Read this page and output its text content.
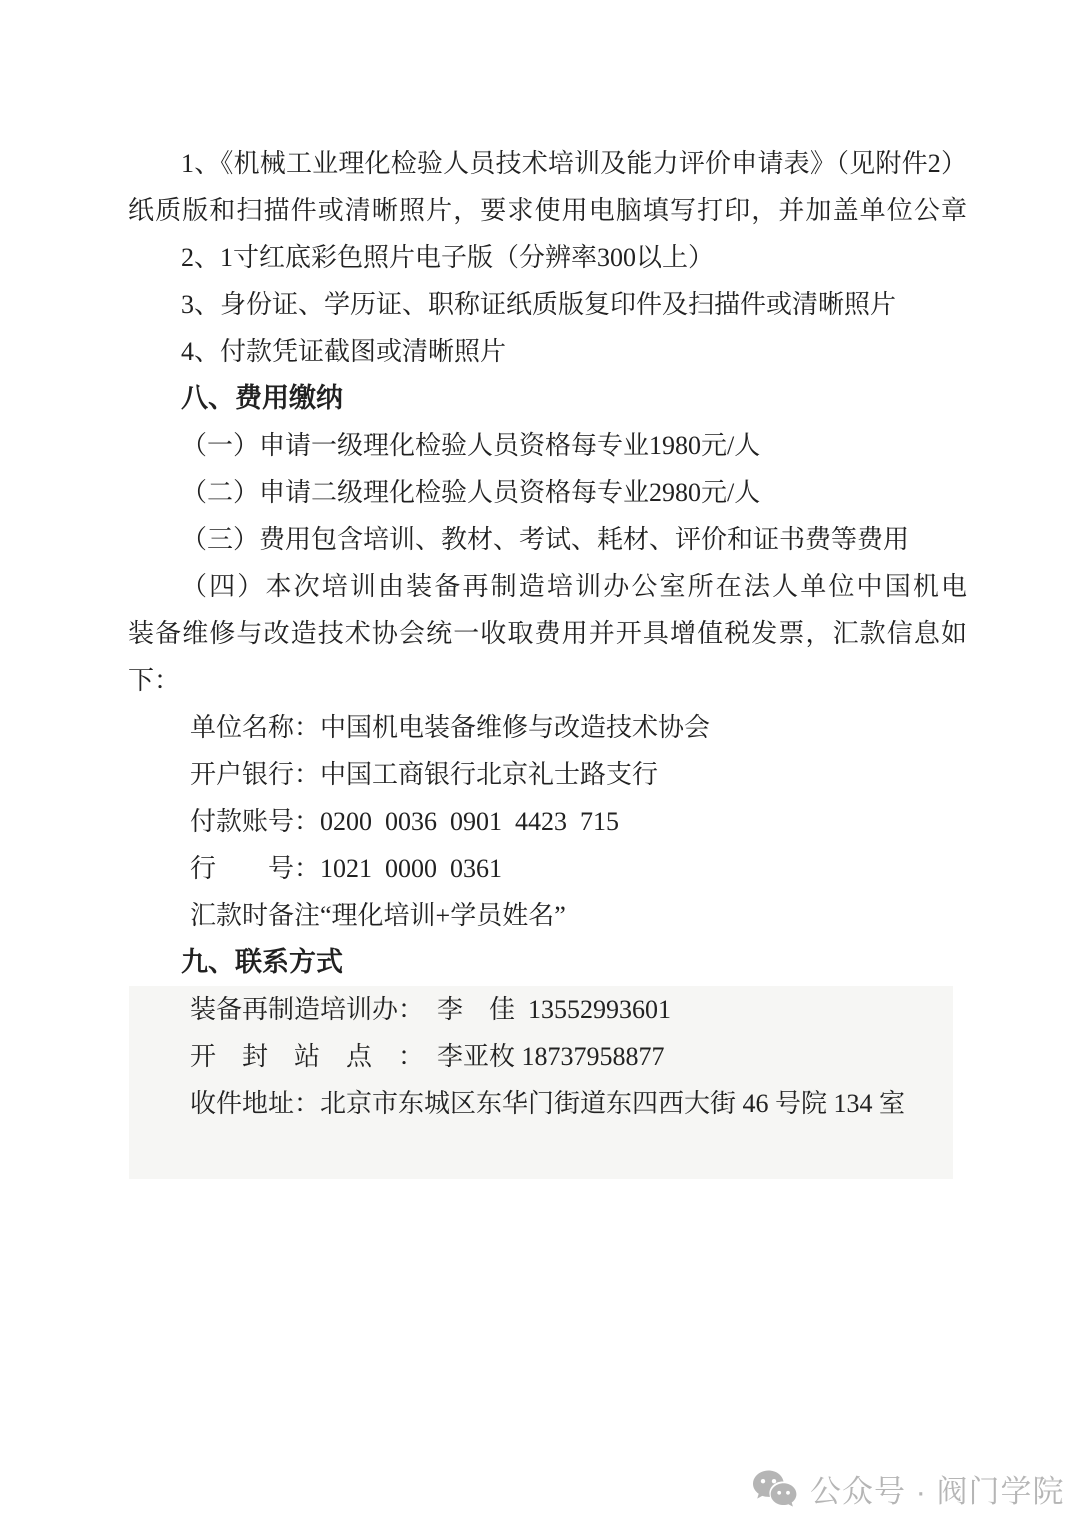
1、《机械工业理化检验人员技术培训及能力评价申请表》（见附件2）
纸质版和扫描件或清晰照片，要求使用电脑填写打印，并加盖单位公章
2、1寸红底彩色照片电子版（分辨率300以上）
3、身份证、学历证、职称证纸质版复印件及扫描件或清晰照片
4、付款凭证截图或清晰照片
八、费用缴纳
（一）申请一级理化检验人员资格每专业1980元/人
（二）申请二级理化检验人员资格每专业2980元/人
（三）费用包含培训、教材、考试、耗材、评价和证书费等费用
（四）本次培训由装备再制造培训办公室所在法人单位中国机电
装备维修与改造技术协会统一收取费用并开具增值税发票，汇款信息如
下：
单位名称：中国机电装备维修与改造技术协会
开户银行：中国工商银行北京礼士路支行
付款账号：0200  0036  0901  4423  715
行　　号：1021  0000  0361
汇款时备注“理化培训+学员姓名”
九、联系方式
装备再制造培训办：　李　佳  13552993601
开　封　站　点　：　李亚枚 18737958877
收件地址：北京市东城区东华门街道东四西大街 46 号院 134 室
公众号 · 阀门学院
